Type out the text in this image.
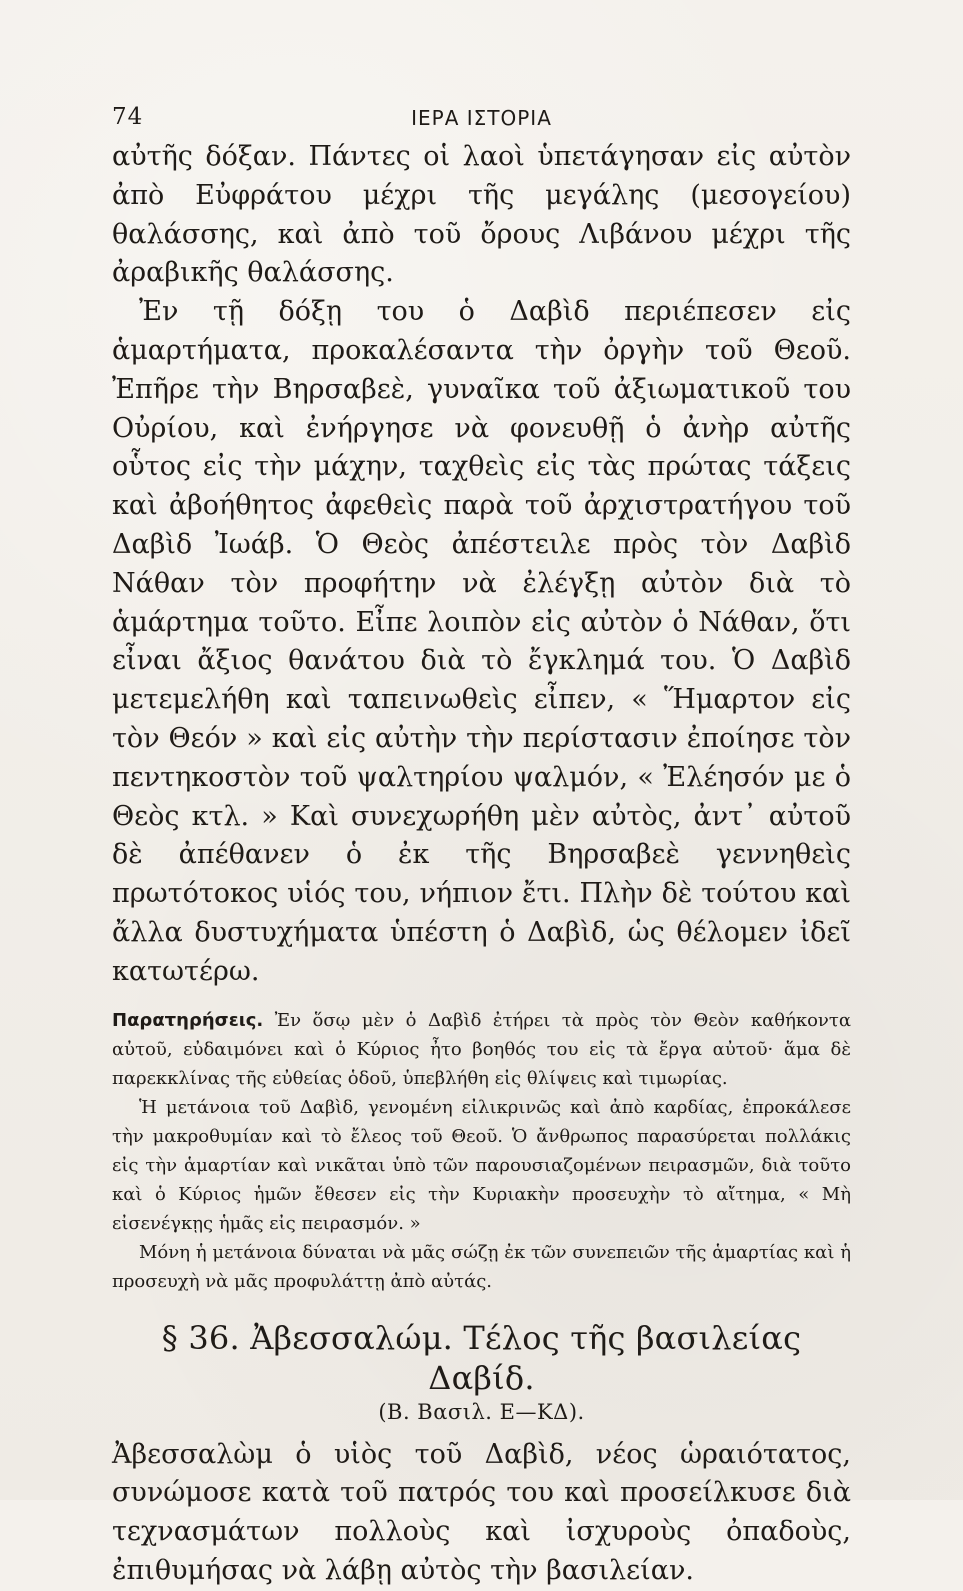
74	ΙΕΡΑ ΙΣΤΟΡΙΑ

αὐτῆς δόξαν. Πάντες οἱ λαοὶ ὑπετάγησαν εἰς αὐτὸν ἀπὸ Εὐφράτου μέχρι τῆς μεγάλης (μεσογείου) θαλάσσης, καὶ ἀπὸ τοῦ ὄρους Λιβάνου μέχρι τῆς ἀραβικῆς θαλάσσης.

Ἐν τῇ δόξῃ του ὁ Δαβὶδ περιέπεσεν εἰς ἁμαρτήματα, προκαλέσαντα τὴν ὀργὴν τοῦ Θεοῦ. Ἐπῆρε τὴν Βηρσαβεὲ, γυναῖκα τοῦ ἀξιωματικοῦ του Οὐρίου, καὶ ἐνήργησε νὰ φονευθῇ ὁ ἀνὴρ αὐτῆς οὗτος εἰς τὴν μάχην, ταχθεὶς εἰς τὰς πρώτας τάξεις καὶ ἀβοήθητος ἀφεθεὶς παρὰ τοῦ ἀρχιστρατήγου τοῦ Δαβὶδ Ἰωάβ. Ὁ Θεὸς ἀπέστειλε πρὸς τὸν Δαβὶδ Νάθαν τὸν προφήτην νὰ ἐλέγξῃ αὐτὸν διὰ τὸ ἁμάρτημα τοῦτο. Εἶπε λοιπὸν εἰς αὐτὸν ὁ Νάθαν, ὅτι εἶναι ἄξιος θανάτου διὰ τὸ ἔγκλημά του. Ὁ Δαβὶδ μετεμελήθη καὶ ταπεινωθεὶς εἶπεν, « Ἥμαρτον εἰς τὸν Θεόν » καὶ εἰς αὐτὴν τὴν περίστασιν ἐποίησε τὸν πεντηκοστὸν τοῦ ψαλτηρίου ψαλμόν, « Ἐλέησόν με ὁ Θεὸς κτλ. » Καὶ συνεχωρήθη μὲν αὐτὸς, ἀντ᾽ αὐτοῦ δὲ ἀπέθανεν ὁ ἐκ τῆς Βηρσαβεὲ γεννηθεὶς πρωτότοκος υἱός του, νήπιον ἔτι. Πλὴν δὲ τούτου καὶ ἄλλα δυστυχήματα ὑπέστη ὁ Δαβὶδ, ὡς θέλομεν ἰδεῖ κατωτέρω.

Παρατηρήσεις. Ἐν ὅσῳ μὲν ὁ Δαβὶδ ἐτήρει τὰ πρὸς τὸν Θεὸν καθήκοντα αὐτοῦ, εὐδαιμόνει καὶ ὁ Κύριος ἦτο βοηθός του εἰς τὰ ἔργα αὐτοῦ· ἅμα δὲ παρεκκλίνας τῆς εὐθείας ὁδοῦ, ὑπεβλήθη εἰς θλίψεις καὶ τιμωρίας.

Ἡ μετάνοια τοῦ Δαβὶδ, γενομένη εἰλικρινῶς καὶ ἀπὸ καρδίας, ἐπροκάλεσε τὴν μακροθυμίαν καὶ τὸ ἔλεος τοῦ Θεοῦ. Ὁ ἄνθρωπος παρασύρεται πολλάκις εἰς τὴν ἁμαρτίαν καὶ νικᾶται ὑπὸ τῶν παρουσιαζομένων πειρασμῶν, διὰ τοῦτο καὶ ὁ Κύριος ἡμῶν ἔθεσεν εἰς τὴν Κυριακὴν προσευχὴν τὸ αἴτημα, « Μὴ εἰσενέγκῃς ἡμᾶς εἰς πειρασμόν. »

Μόνη ἡ μετάνοια δύναται νὰ μᾶς σώζῃ ἐκ τῶν συνεπειῶν τῆς ἁμαρτίας καὶ ἡ προσευχὴ νὰ μᾶς προφυλάττῃ ἀπὸ αὐτάς.

§ 36. Ἀβεσσαλώμ. Τέλος τῆς βασιλείας Δαβίδ.
(Β. Βασιλ. Ε—ΚΔ).

Ἀβεσσαλὼμ ὁ υἱὸς τοῦ Δαβὶδ, νέος ὡραιότατος, συνώμοσε κατὰ τοῦ πατρός του καὶ προσείλκυσε διὰ τεχνασμάτων πολλοὺς καὶ ἰσχυροὺς ὀπαδοὺς, ἐπιθυμήσας νὰ λάβῃ αὐτὸς τὴν βασιλείαν.
